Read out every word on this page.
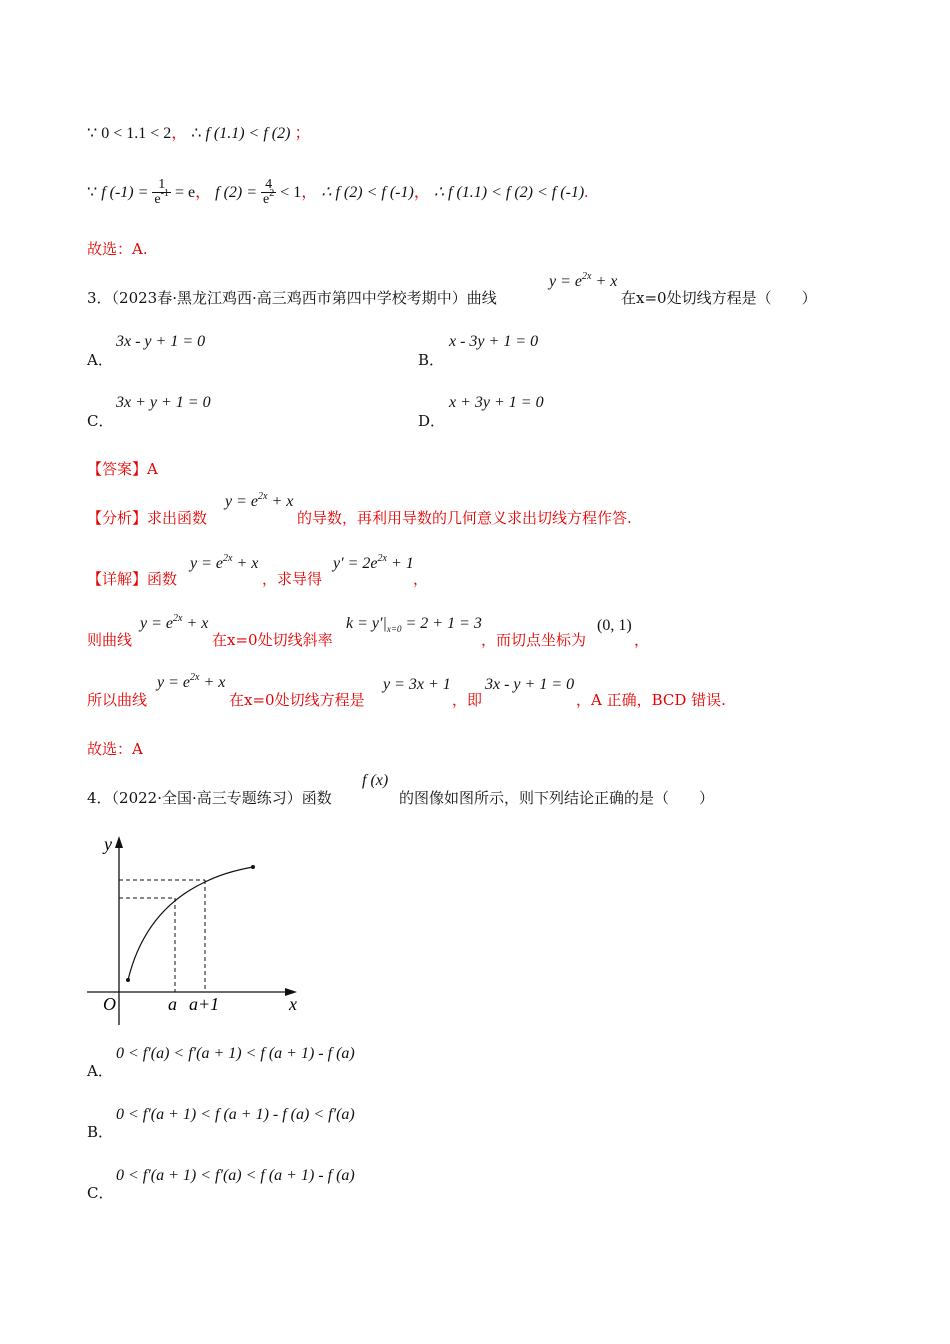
∵ 0 < 1.1 < 2， ∴ f (1.1) < f (2) ；
∵ f $(-1) = \frac{1}{e^{-1}} = e$， f $(2) = \frac{4}{e^2} < 1$， ∴ f (2) < f (-1)， ∴ f (1.1) < f (2) < f (-1).
故选：A.
3．（2023春·黑龙江鸡西·高三鸡西市第四中学校考期中）曲线
$y = e^{2x} + x$
在x=0处切线方程是（　　）
A．
3x - y + 1 = 0
B．
x - 3y + 1 = 0
C．
3x + y + 1 = 0
D．
x + 3y + 1 = 0
【答案】A
【分析】求出函数
$y = e^{2x} + x$
的导数，再利用导数的几何意义求出切线方程作答.
【详解】函数
$y = e^{2x} + x$
，求导得
$y' = 2e^{2x} + 1$
，
则曲线
$y = e^{2x} + x$
在x=0处切线斜率
$k = y'|_{x=0} = 2 + 1 = 3$
，而切点坐标为
(0, 1)
，
所以曲线
$y = e^{2x} + x$
在x=0处切线方程是
y = 3x + 1
，即
3x - y + 1 = 0
，A 正确，BCD 错误.
故选：A
4．（2022·全国·高三专题练习）函数
f (x)
的图像如图所示，则下列结论正确的是（　　）
y
x
O	a a+1
A．
0 < f′(a) < f′(a + 1) < f (a + 1) - f (a)
B．
0 < f′(a + 1) < f (a + 1) - f (a) < f′(a)
C．
0 < f′(a + 1) < f′(a) < f (a + 1) - f (a)
